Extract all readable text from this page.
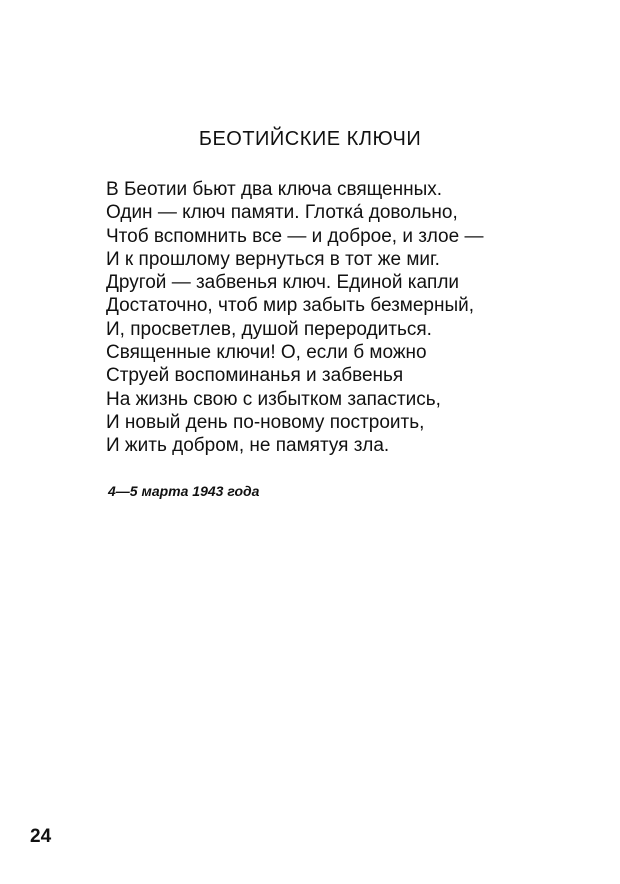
БЕОТИЙСКИЕ КЛЮЧИ
В Беотии бьют два ключа священных.
Один — ключ памяти. Глотка́ довольно,
Чтоб вспомнить все — и доброе, и злое —
И к прошлому вернуться в тот же миг.
Другой — забвенья ключ. Единой капли
Достаточно, чтоб мир забыть безмерный,
И, просветлев, душой переродиться.
Священные ключи! О, если б можно
Струей воспоминанья и забвенья
На жизнь свою с избытком запастись,
И новый день по-новому построить,
И жить добром, не памятуя зла.
4—5 марта 1943 года
24
